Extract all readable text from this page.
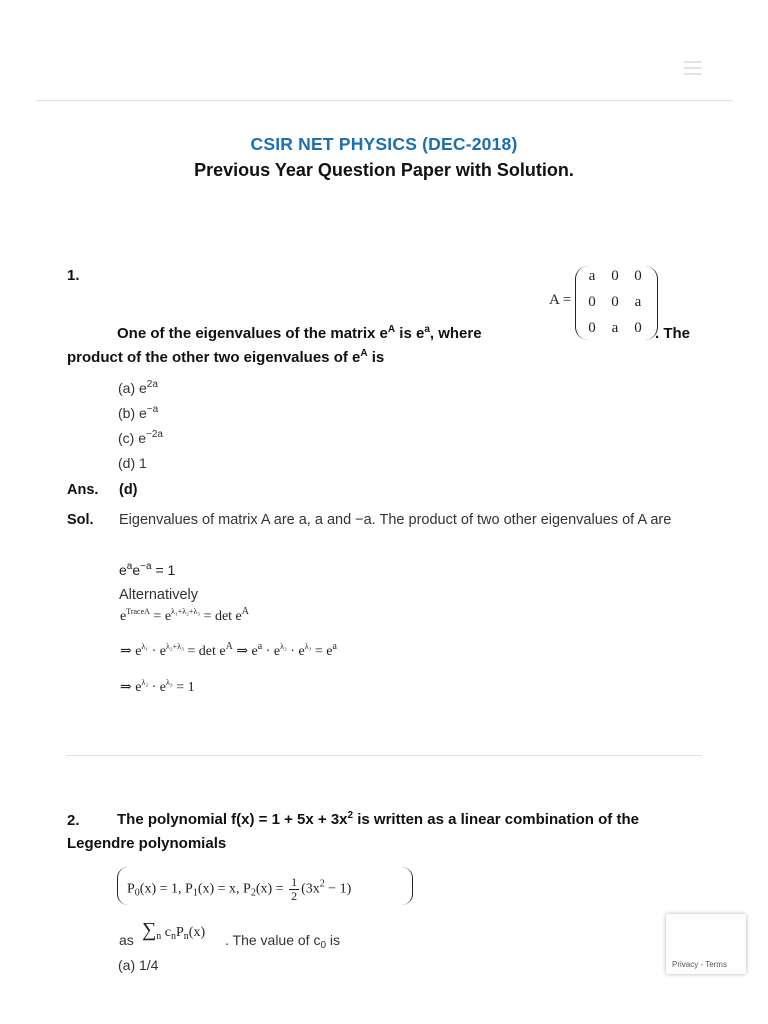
CSIR NET PHYSICS (DEC-2018)
Previous Year Question Paper with Solution.
1.
A =
a 0 0
0 0 a
0 a 0
One of the eigenvalues of the matrix $e^A$ is $e^a$, where	. The
product of the other two eigenvalues of $e^A$ is
(a) $e^{2a}$
(b) $e^{-a}$
(c) $e^{-2a}$
(d) 1
Ans. (d)
Sol.	Eigenvalues of matrix A are a, a and −a. The product of two other eigenvalues of A are
$e^ae^{-a} = 1$
Alternatively
$e^{TraceA} = e^{\lambda_1+\lambda_2+\lambda_3} = \det e^A$
⇒ $e^{\lambda_1} \cdot e^{\lambda_2+\lambda_3} = \det e^A$ ⇒ $e^a \cdot e^{\lambda_2} \cdot e^{\lambda_3} = e^a$
⇒ $e^{\lambda_2} \cdot e^{\lambda_3} = 1$
2.	The polynomial $f(x) = 1 + 5x + 3x^2$ is written as a linear combination of the Legendre polynomials
$P_0(x) = 1$, $P_1(x) = x$, $P_2(x) = \frac{1}{2} (3x^2 - 1)$
as $\sum_n$ $c_nP_n(x)$ . The value of $c_0$ is
(a) 1/4	Privacy - Terms
